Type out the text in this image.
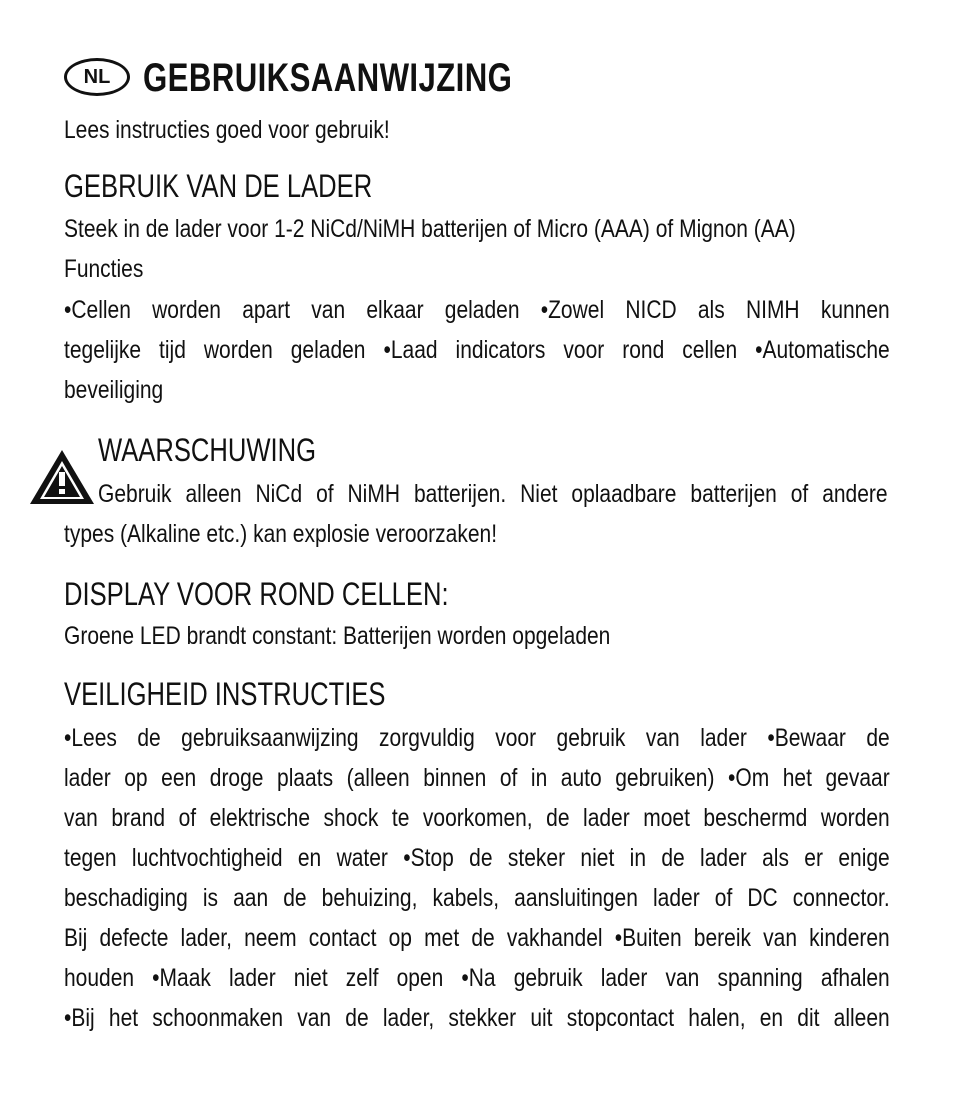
NL GEBRUIKSAANWIJZING
Lees instructies goed voor gebruik!
GEBRUIK VAN DE LADER
Steek in de lader voor 1-2 NiCd/NiMH batterijen of Micro (AAA) of Mignon (AA)
Functies
•Cellen worden apart van elkaar geladen •Zowel NICD als NIMH kunnen
tegelijke tijd worden geladen •Laad indicators voor rond cellen •Automatische
beveiliging
WAARSCHUWING
Gebruik alleen NiCd of NiMH batterijen. Niet oplaadbare batterijen of andere
types (Alkaline etc.) kan explosie veroorzaken!
DISPLAY VOOR ROND CELLEN:
Groene LED brandt constant: Batterijen worden opgeladen
VEILIGHEID INSTRUCTIES
•Lees de gebruiksaanwijzing zorgvuldig voor gebruik van lader •Bewaar de
lader op een droge plaats (alleen binnen of in auto gebruiken) •Om het gevaar
van brand of elektrische shock te voorkomen, de lader moet beschermd worden
tegen luchtvochtigheid en water •Stop de steker niet in de lader als er enige
beschadiging is aan de behuizing, kabels, aansluitingen lader of DC connector.
Bij defecte lader, neem contact op met de vakhandel •Buiten bereik van kinderen
houden •Maak lader niet zelf open •Na gebruik lader van spanning afhalen
•Bij het schoonmaken van de lader, stekker uit stopcontact halen, en dit alleen
